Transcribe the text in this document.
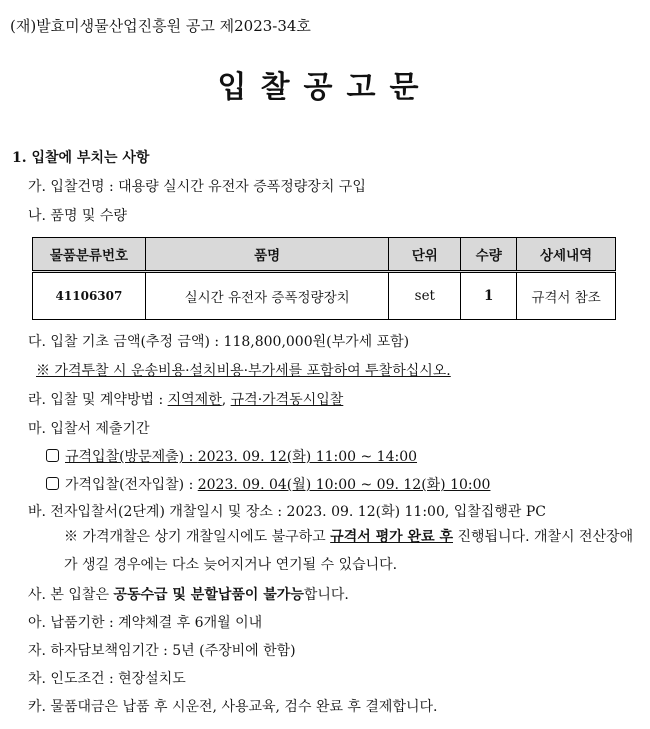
(재)발효미생물산업진흥원 공고 제2023-34호
입찰공고문
1. 입찰에 부치는 사항
가. 입찰건명 : 대용량 실시간 유전자 증폭정량장치 구입
나. 품명 및 수량
물품분류번호	품명	단위	수량	상세내역
41106307	실시간 유전자 증폭정량장치	set	1	규격서 참조
다. 입찰 기초 금액(추정 금액) : 118,800,000원(부가세 포함)
※ 가격투찰 시 운송비용·설치비용·부가세를 포함하여 투찰하십시오.
라. 입찰 및 계약방법 : 지역제한, 규격·가격동시입찰
마. 입찰서 제출기간
규격입찰(방문제출) : 2023. 09. 12(화) 11:00 ~ 14:00
가격입찰(전자입찰) : 2023. 09. 04(월) 10:00 ~ 09. 12(화) 10:00
바. 전자입찰서(2단계) 개찰일시 및 장소 : 2023. 09. 12(화) 11:00, 입찰집행관 PC
※ 가격개찰은 상기 개찰일시에도 불구하고 규격서 평가 완료 후 진행됩니다. 개찰시 전산장애가 생길 경우에는 다소 늦어지거나 연기될 수 있습니다.
사. 본 입찰은 공동수급 및 분할납품이 불가능합니다.
아. 납품기한 : 계약체결 후 6개월 이내
자. 하자담보책임기간 : 5년 (주장비에 한함)
차. 인도조건 : 현장설치도
카. 물품대금은 납품 후 시운전, 사용교육, 검수 완료 후 결제합니다.
